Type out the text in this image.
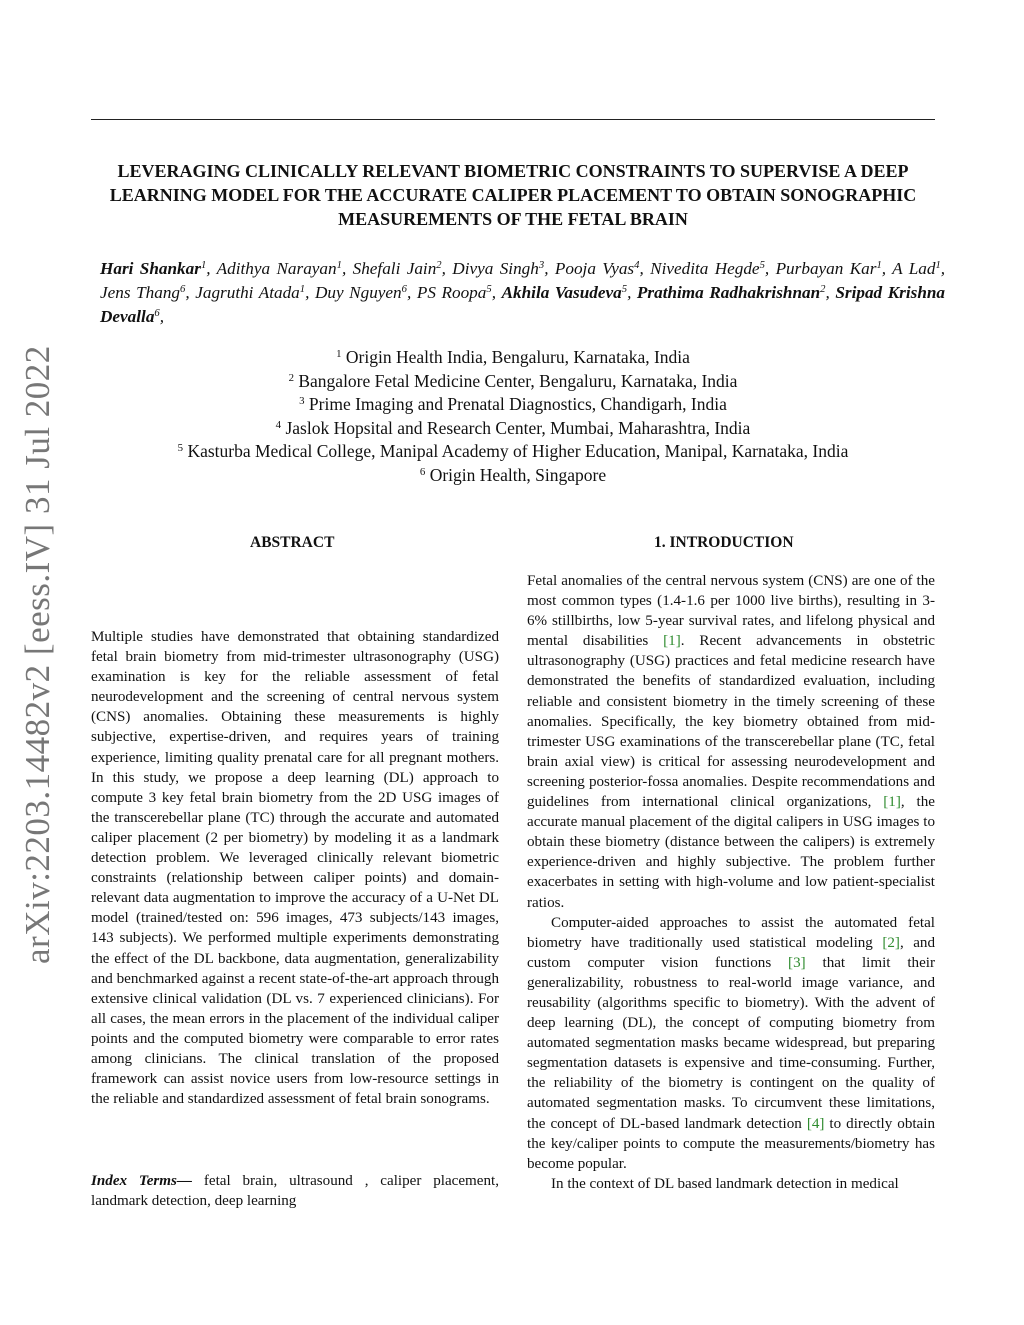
arXiv:2203.14482v2 [eess.IV] 31 Jul 2022
LEVERAGING CLINICALLY RELEVANT BIOMETRIC CONSTRAINTS TO SUPERVISE A DEEP LEARNING MODEL FOR THE ACCURATE CALIPER PLACEMENT TO OBTAIN SONOGRAPHIC MEASUREMENTS OF THE FETAL BRAIN
Hari Shankar$^1$, Adithya Narayan$^1$, Shefali Jain$^2$, Divya Singh$^3$, Pooja Vyas$^4$, Nivedita Hegde$^5$, Purbayan Kar$^1$, A Lad$^1$, Jens Thang$^6$, Jagruthi Atada$^1$, Duy Nguyen$^6$, PS Roopa$^5$, Akhila Vasudeva$^5$, Prathima Radhakrishnan$^2$, Sripad Krishna Devalla$^6$,
$^1$ Origin Health India, Bengaluru, Karnataka, India
$^2$ Bangalore Fetal Medicine Center, Bengaluru, Karnataka, India
$^3$ Prime Imaging and Prenatal Diagnostics, Chandigarh, India
$^4$ Jaslok Hopsital and Research Center, Mumbai, Maharashtra, India
$^5$ Kasturba Medical College, Manipal Academy of Higher Education, Manipal, Karnataka, India
$^6$ Origin Health, Singapore
ABSTRACT

Multiple studies have demonstrated that obtaining standardized fetal brain biometry from mid-trimester ultrasonography (USG) examination is key for the reliable assessment of fetal neurodevelopment and the screening of central nervous system (CNS) anomalies. Obtaining these measurements is highly subjective, expertise-driven, and requires years of training experience, limiting quality prenatal care for all pregnant mothers. In this study, we propose a deep learning (DL) approach to compute 3 key fetal brain biometry from the 2D USG images of the transcerebellar plane (TC) through the accurate and automated caliper placement (2 per biometry) by modeling it as a landmark detection problem. We leveraged clinically relevant biometric constraints (relationship between caliper points) and domain-relevant data augmentation to improve the accuracy of a U-Net DL model (trained/tested on: 596 images, 473 subjects/143 images, 143 subjects). We performed multiple experiments demonstrating the effect of the DL backbone, data augmentation, generalizability and benchmarked against a recent state-of-the-art approach through extensive clinical validation (DL vs. 7 experienced clinicians). For all cases, the mean errors in the placement of the individual caliper points and the computed biometry were comparable to error rates among clinicians. The clinical translation of the proposed framework can assist novice users from low-resource settings in the reliable and standardized assessment of fetal brain sonograms.

Index Terms— fetal brain, ultrasound , caliper placement, landmark detection, deep learning
1. INTRODUCTION

Fetal anomalies of the central nervous system (CNS) are one of the most common types (1.4-1.6 per 1000 live births), resulting in 3-6% stillbirths, low 5-year survival rates, and lifelong physical and mental disabilities [1]. Recent advancements in obstetric ultrasonography (USG) practices and fetal medicine research have demonstrated the benefits of standardized evaluation, including reliable and consistent biometry in the timely screening of these anomalies. Specifically, the key biometry obtained from mid-trimester USG examinations of the transcerebellar plane (TC, fetal brain axial view) is critical for assessing neurodevelopment and screening posterior-fossa anomalies. Despite recommendations and guidelines from international clinical organizations, [1], the accurate manual placement of the digital calipers in USG images to obtain these biometry (distance between the calipers) is extremely experience-driven and highly subjective. The problem further exacerbates in setting with high-volume and low patient-specialist ratios.

Computer-aided approaches to assist the automated fetal biometry have traditionally used statistical modeling [2], and custom computer vision functions [3] that limit their generalizability, robustness to real-world image variance, and reusability (algorithms specific to biometry). With the advent of deep learning (DL), the concept of computing biometry from automated segmentation masks became widespread, but preparing segmentation datasets is expensive and time-consuming. Further, the reliability of the biometry is contingent on the quality of automated segmentation masks. To circumvent these limitations, the concept of DL-based landmark detection [4] to directly obtain the key/caliper points to compute the measurements/biometry has become popular.

In the context of DL based landmark detection in medical
